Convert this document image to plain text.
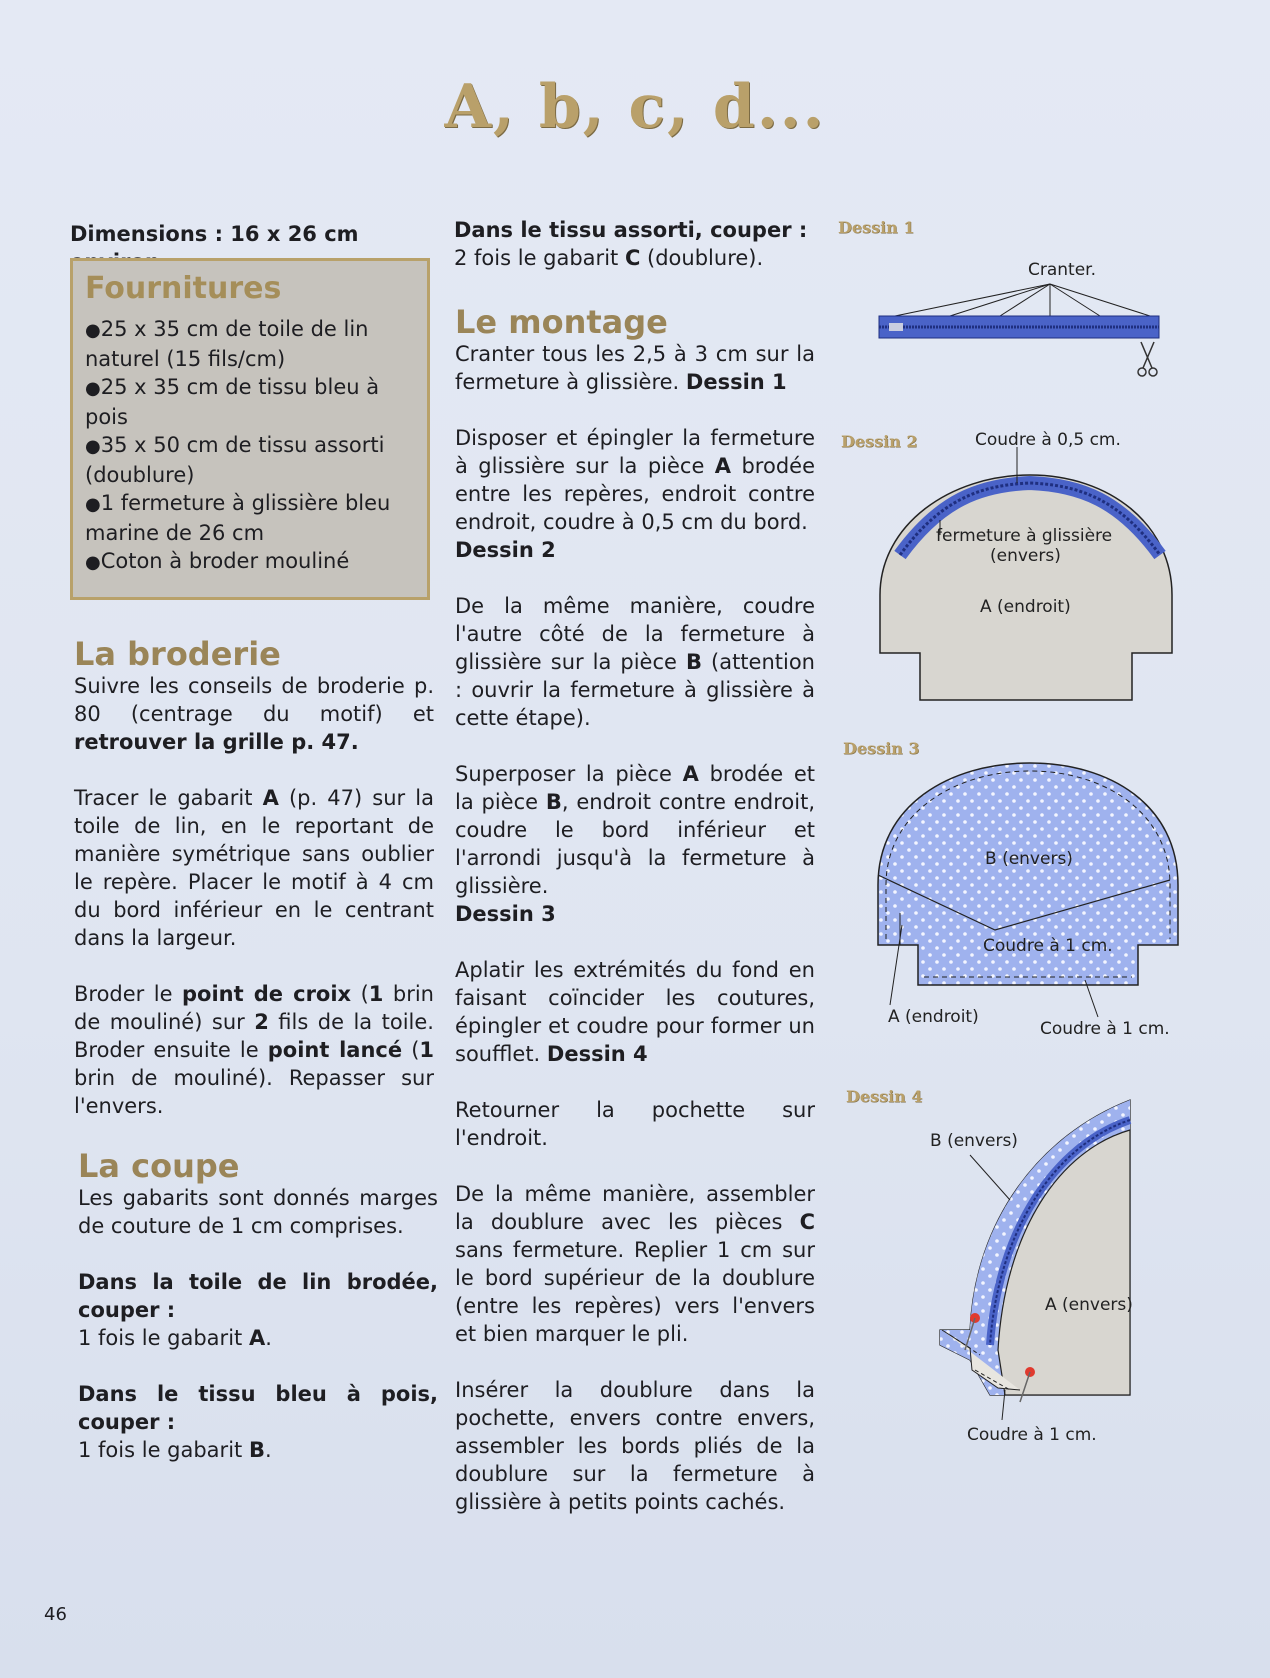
A, b, c, d...
Dimensions : 16 x 26 cm
Fournitures
● 25 x 35 cm de toile de lin naturel (15 fils/cm)
● 25 x 35 cm de tissu bleu à pois
● 35 x 50 cm de tissu assorti (doublure)
● 1 fermeture à glissière bleu marine de 26 cm
● Coton à broder mouliné
La broderie

Suivre les conseils de broderie p. 80 (centrage du motif) et retrouver la grille p. 47.

Tracer le gabarit A (p. 47) sur la toile de lin, en le reportant de manière symétrique sans oublier le repère. Placer le motif à 4 cm du bord inférieur en le centrant dans la largeur.

Broder le point de croix (1 brin de mouliné) sur 2 fils de la toile. Broder ensuite le point lancé (1 brin de mouliné). Repasser sur l'envers.

La coupe

Les gabarits sont donnés marges de couture de 1 cm comprises.

Dans la toile de lin brodée, couper :
1 fois le gabarit A.

Dans le tissu bleu à pois, couper :
1 fois le gabarit B.

Dans le tissu assorti, couper :
2 fois le gabarit C (doublure).
Le montage

Cranter tous les 2,5 à 3 cm sur la fermeture à glissière. Dessin 1

Disposer et épingler la fermeture à glissière sur la pièce A brodée entre les repères, endroit contre endroit, coudre à 0,5 cm du bord.
Dessin 2

De la même manière, coudre l'autre côté de la fermeture à glissière sur la pièce B (attention : ouvrir la fermeture à glissière à cette étape).

Superposer la pièce A brodée et la pièce B, endroit contre endroit, coudre le bord inférieur et l'arrondi jusqu'à la fermeture à glissière.
Dessin 3

Aplatir les extrémités du fond en faisant coïncider les coutures, épingler et coudre pour former un soufflet. Dessin 4

Retourner la pochette sur l'endroit.

De la même manière, assembler la doublure avec les pièces C sans fermeture. Replier 1 cm sur le bord supérieur de la doublure (entre les repères) vers l'envers et bien marquer le pli.

Insérer la doublure dans la pochette, envers contre envers, assembler les bords pliés de la doublure sur la fermeture à glissière à petits points cachés.

Dessin 1
Cranter.
Dessin 2	Coudre à 0,5 cm.
fermeture à glissière
(envers)
A (endroit)
Dessin 3
B (envers)
Coudre à 1 cm.
A (endroit)
Coudre à 1 cm.
Dessin 4
B (envers)
A (envers)
Coudre à 1 cm.
46
